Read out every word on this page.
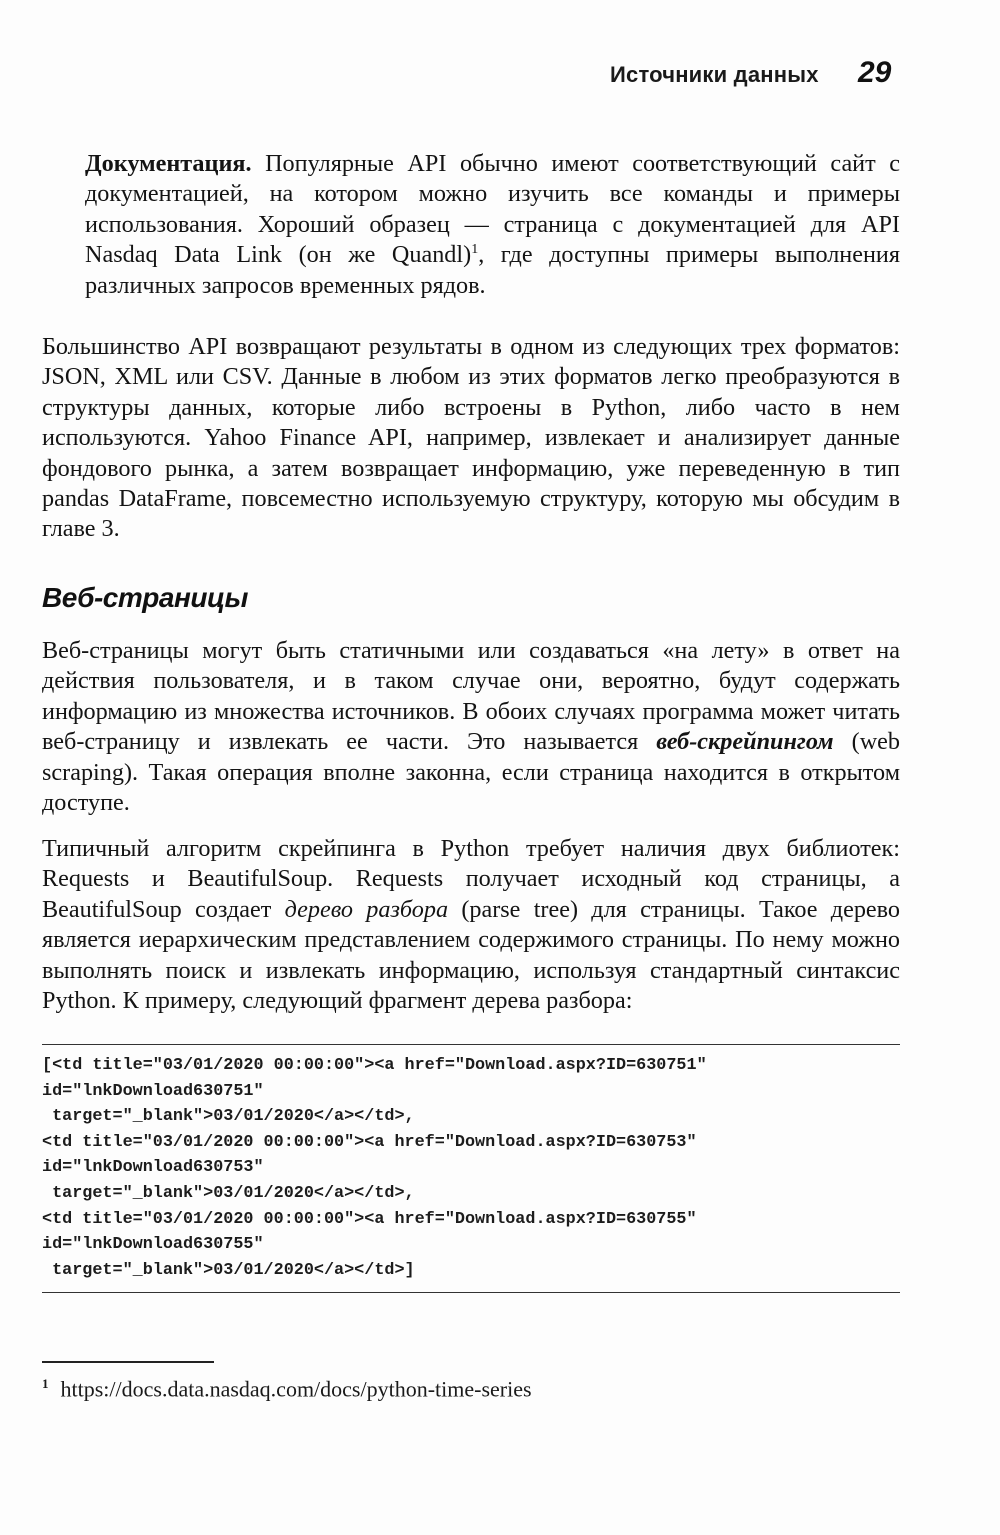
Источники данных 29

Документация. Популярные API обычно имеют соответствующий сайт с документацией, на котором можно изучить все команды и примеры использования. Хороший образец — страница с документацией для API Nasdaq Data Link (он же Quandl)$^1$, где доступны примеры выполнения различных запросов временных рядов.

Большинство API возвращают результаты в одном из следующих трех форматов: JSON, XML или CSV. Данные в любом из этих форматов легко преобразуются в структуры данных, которые либо встроены в Python, либо часто в нем используются. Yahoo Finance API, например, извлекает и анализирует данные фондового рынка, а затем возвращает информацию, уже переведенную в тип pandas DataFrame, повсеместно используемую структуру, которую мы обсудим в главе 3.

Веб-страницы

Веб-страницы могут быть статичными или создаваться «на лету» в ответ на действия пользователя, и в таком случае они, вероятно, будут содержать информацию из множества источников. В обоих случаях программа может читать веб-страницу и извлекать ее части. Это называется веб-скрейпингом (web scraping). Такая операция вполне законна, если страница находится в открытом доступе.

Типичный алгоритм скрейпинга в Python требует наличия двух библиотек: Requests и BeautifulSoup. Requests получает исходный код страницы, а BeautifulSoup создает дерево разбора (parse tree) для страницы. Такое дерево является иерархическим представлением содержимого страницы. По нему можно выполнять поиск и извлекать информацию, используя стандартный синтаксис Python. К примеру, следующий фрагмент дерева разбора:

[<td title="03/01/2020 00:00:00"><a href="Download.aspx?ID=630751"
id="lnkDownload630751"
target="_blank">03/01/2020</a></td>,
<td title="03/01/2020 00:00:00"><a href="Download.aspx?ID=630753"
id="lnkDownload630753"
target="_blank">03/01/2020</a></td>,
<td title="03/01/2020 00:00:00"><a href="Download.aspx?ID=630755"
id="lnkDownload630755"
target="_blank">03/01/2020</a></td>]
$^1$ https://docs.data.nasdaq.com/docs/python-time-series
